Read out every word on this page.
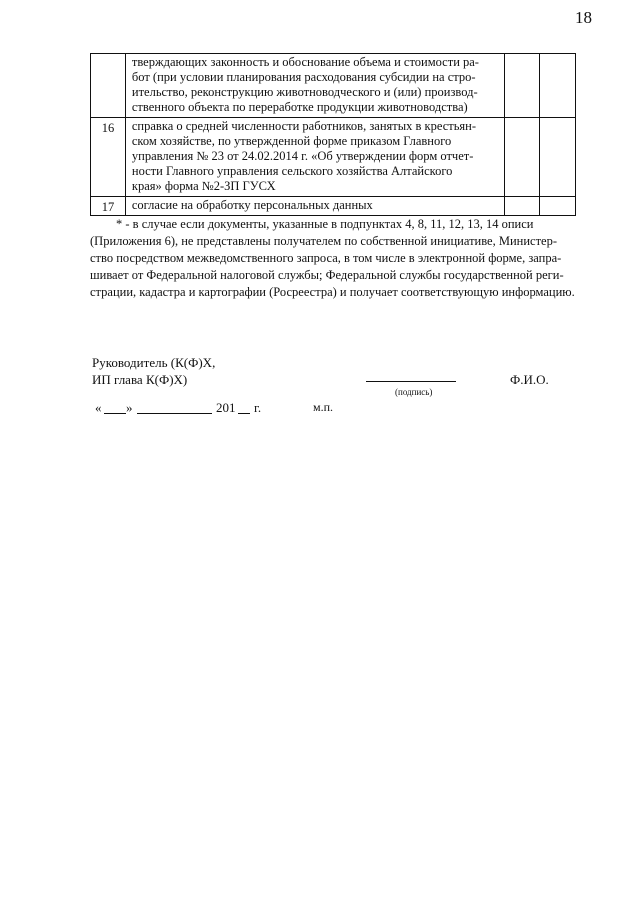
18

	тверждающих законность и обоснование объема и стоимости ра-
бот (при условии планирования расходования субсидии на стро-
ительство, реконструкцию животноводческого и (или) производ-
ственного объекта по переработке продукции животноводства)		

16	справка о средней численности работников, занятых в крестьян-
ском хозяйстве, по утвержденной форме приказом Главного
управления № 23 от 24.02.2014 г. «Об утверждении форм отчет-
ности Главного управления сельского хозяйства Алтайского
края» форма №2-ЗП ГУСХ		

17	согласие на обработку персональных данных		

* - в случае если документы, указанные в подпунктах 4, 8, 11, 12, 13, 14 описи
(Приложения 6), не представлены получателем по собственной инициативе, Министер-
ство посредством межведомственного запроса, в том числе в электронной форме, запра-
шивает от Федеральной налоговой службы; Федеральной службы государственной реги-
страции, кадастра и картографии (Росреестра) и получает соответствующую информацию.
Руководитель (К(Ф)Х,
ИП глава К(Ф)Х)
(подпись)
Ф.И.О.
« »	201 г.	м.п.
